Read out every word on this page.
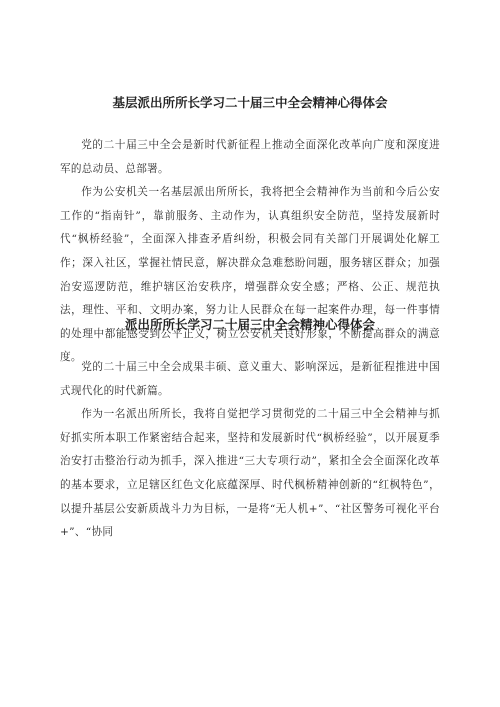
基层派出所所长学习二十届三中全会精神心得体会

党的二十届三中全会是新时代新征程上推动全面深化改革向广度和深度进军的总动员、总部署。

作为公安机关一名基层派出所所长，我将把全会精神作为当前和今后公安工作的“指南针”，靠前服务、主动作为，认真组织安全防范，坚持发展新时代“枫桥经验”，全面深入排查矛盾纠纷，积极会同有关部门开展调处化解工作；深入社区，掌握社情民意，解决群众急难愁盼问题，服务辖区群众；加强治安巡逻防范，维护辖区治安秩序，增强群众安全感；严格、公正、规范执法，理性、平和、文明办案，努力让人民群众在每一起案件办理，每一件事情的处理中都能感受到公平正义，树立公安机关良好形象，不断提高群众的满意度。

派出所所长学习二十届三中全会精神心得体会

党的二十届三中全会成果丰硕、意义重大、影响深远，是新征程推进中国式现代化的时代新篇。

作为一名派出所所长，我将自觉把学习贯彻党的二十届三中全会精神与抓好抓实所本职工作紧密结合起来，坚持和发展新时代“枫桥经验”，以开展夏季治安打击整治行动为抓手，深入推进“三大专项行动”，紧扣全会全面深化改革的基本要求，立足辖区红色文化底蕴深厚、时代枫桥精神创新的“红枫特色”，以提升基层公安新质战斗力为目标，一是将“无人机+”、“社区警务可视化平台+”、“协同
